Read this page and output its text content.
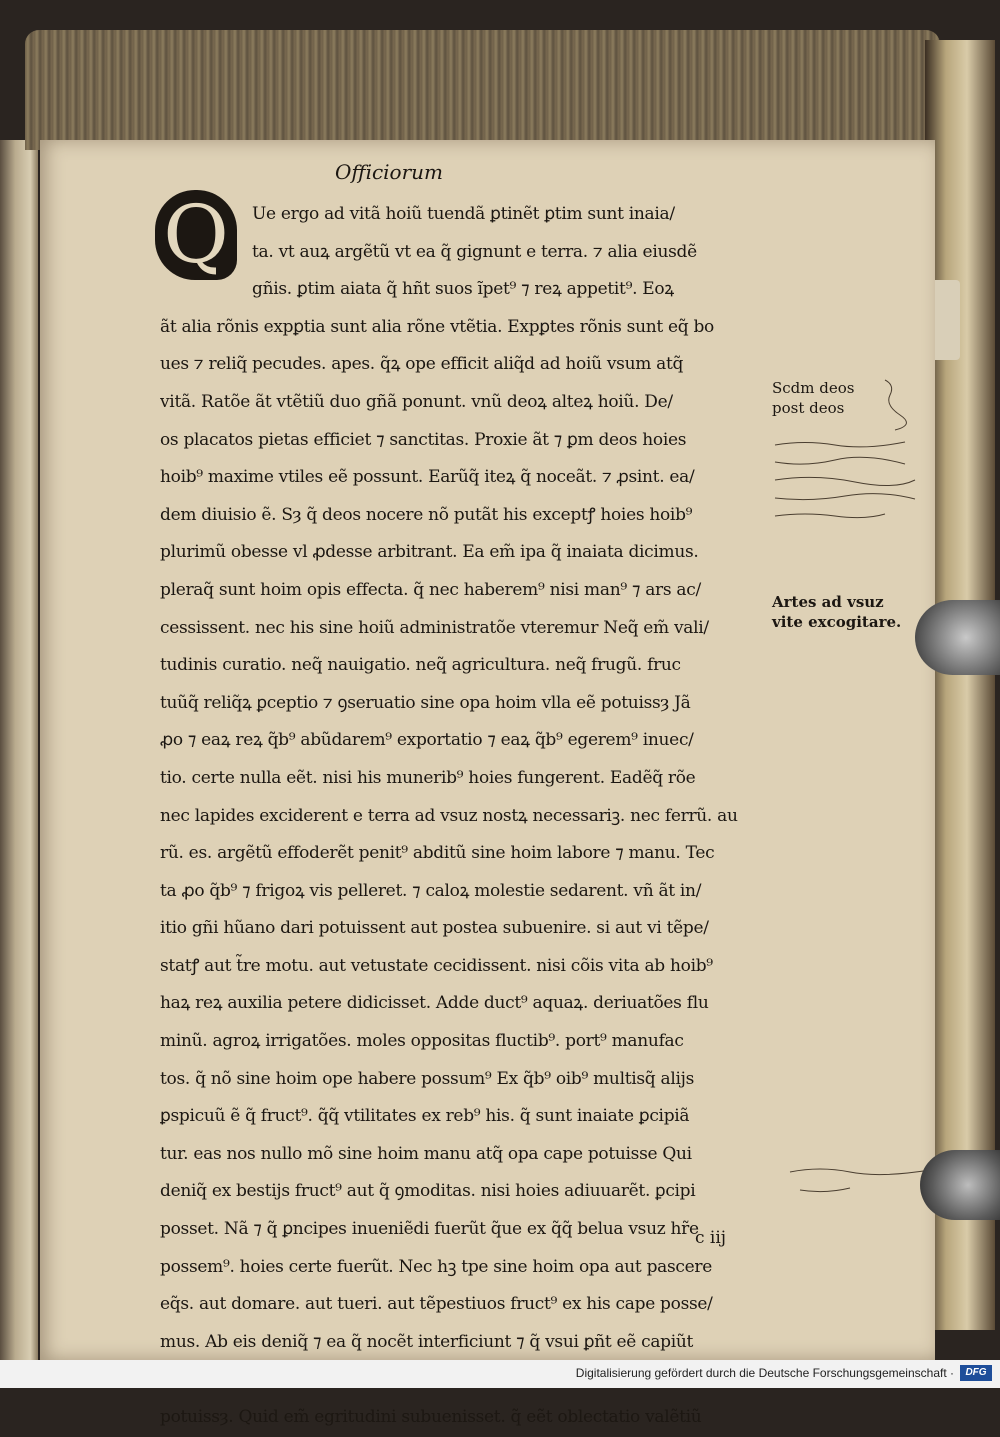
Officiorum
Q	Ue ergo ad vitã hoiũ tuendã ꝑtinẽt ꝑtim sunt inaia/
ta. vt auꝝ argẽtũ vt ea q̃ gignunt e terra. ⁊ alia eiusdẽ
gñis. ꝑtim aiata q̃ hñt suos ĩpet⁹ ⁊ reꝝ appetit⁹. Eoꝝ
ãt alia rõnis expꝑtia sunt alia rõne vtẽtia. Expꝑtes rõnis sunt eq̃ bo
ues ⁊ reliq̃ pecudes. apes. q̃ꝝ ope efficit aliq̃d ad hoiũ vsum atq̃
vitã. Ratõe ãt vtẽtiũ duo gñã ponunt. vnũ deoꝝ alteꝝ hoiũ. De/
os placatos pietas efficiet ⁊ sanctitas. Proxie ãt ⁊ ꝑm deos hoies
hoib⁹ maxime vtiles eẽ possunt. Earũq̃ iteꝝ q̃ noceãt. ⁊ ꝓsint. ea/
dem diuisio ẽ. Sȝ q̃ deos nocere nõ putãt his exceptꝭ hoies hoib⁹
plurimũ obesse vl ꝓdesse arbitrant. Ea em̃ ipa q̃ inaiata dicimus.
pleraq̃ sunt hoim opis effecta. q̃ nec haberem⁹ nisi man⁹ ⁊ ars ac/
cessissent. nec his sine hoiũ administratõe vteremur Neq̃ em̃ vali/
tudinis curatio. neq̃ nauigatio. neq̃ agricultura. neq̃ frugũ. fruc
tuũq̃ reliq̃ꝝ ꝑceptio ⁊ ꝯseruatio sine opa hoim vlla eẽ potuissȝ Jã
ꝓo ⁊ eaꝝ reꝝ q̃b⁹ abũdarem⁹ exportatio ⁊ eaꝝ q̃b⁹ egerem⁹ inuec/
tio. certe nulla eẽt. nisi his munerib⁹ hoies fungerent. Eadẽq̃ rõe
nec lapides exciderent e terra ad vsuz nostꝝ necessariꝫ. nec ferrũ. au
rũ. es. argẽtũ effoderẽt penit⁹ abditũ sine hoim labore ⁊ manu. Tec
ta ꝓo q̃b⁹ ⁊ frigoꝝ vis pelleret. ⁊ caloꝝ molestie sedarent. vñ ãt in/
itio gñi hũano dari potuissent aut postea subuenire. si aut vi tẽpe/
statꝭ aut t̃re motu. aut vetustate cecidissent. nisi cõis vita ab hoib⁹
haꝝ reꝝ auxilia petere didicisset. Adde duct⁹ aquaꝝ. deriuatões flu
minũ. agroꝝ irrigatões. moles oppositas fluctib⁹. port⁹ manufac
tos. q̃ nõ sine hoim ope habere possum⁹ Ex q̃b⁹ oib⁹ multisq̃ alijs
ꝑspicuũ ẽ q̃ fruct⁹. q̃q̃ vtilitates ex reb⁹ his. q̃ sunt inaiate ꝑcipiã
tur. eas nos nullo mõ sine hoim manu atq̃ opa cape potuisse Qui
deniq̃ ex bestijs fruct⁹ aut q̃ ꝯmoditas. nisi hoies adiuuarẽt. ꝑcipi
posset. Nã ⁊ q̃ ꝑncipes inueniẽdi fuerũt q̃ue ex q̃q̃ belua vsuz hr̃e
possem⁹. hoies certe fuerũt. Nec hꝫ tpe sine hoim opa aut pascere
eq̃s. aut domare. aut tueri. aut tẽpestiuos fruct⁹ ex his cape posse/
mus. Ab eis deniq̃ ⁊ ea q̃ nocẽt interficiunt ⁊ q̃ vsui ꝑñt eẽ capiũt
potuissȝ. Quid em̃ egritudini subuenisset. q̃ eẽt oblectatio valẽtiũ
Scdm deos
post deos
Artes ad vsuz
vite excogitare.
c iij
Digitalisierung gefördert durch die Deutsche Forschungsgemeinschaft ·	DFG
